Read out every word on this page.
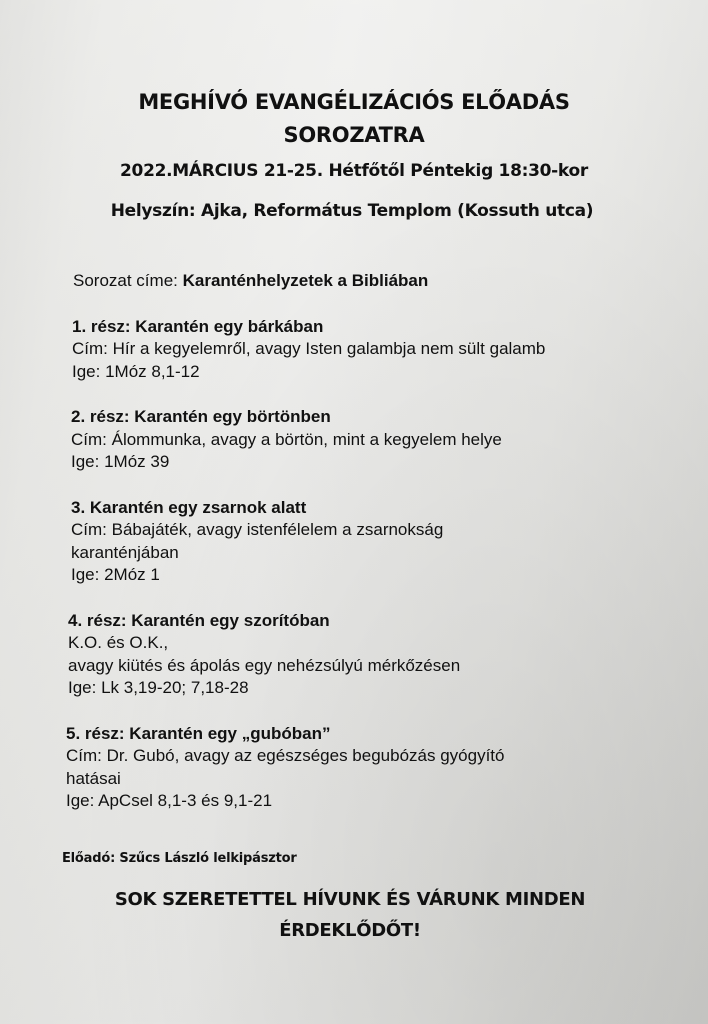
MEGHÍVÓ EVANGÉLIZÁCIÓS ELŐADÁS
SOROZATRA
2022.MÁRCIUS 21-25. Hétfőtől Péntekig 18:30-kor
Helyszín: Ajka, Református Templom (Kossuth utca)
Sorozat címe: Karanténhelyzetek a Bibliában
1. rész: Karantén egy bárkában
Cím: Hír a kegyelemről, avagy Isten galambja nem sült galamb
Ige: 1Móz 8,1-12
2. rész: Karantén egy börtönben
Cím: Álommunka, avagy a börtön, mint a kegyelem helye
Ige: 1Móz 39
3. Karantén egy zsarnok alatt
Cím: Bábajáték, avagy istenfélelem a zsarnokság
karanténjában
Ige: 2Móz 1
4. rész: Karantén egy szorítóban
K.O. és O.K.,
avagy kiütés és ápolás egy nehézsúlyú mérkőzésen
Ige: Lk 3,19-20; 7,18-28
5. rész: Karantén egy „gubóban”
Cím: Dr. Gubó, avagy az egészséges begubózás gyógyító
hatásai
Ige: ApCsel 8,1-3 és 9,1-21
Előadó: Szűcs László lelkipásztor
SOK SZERETETTEL HÍVUNK ÉS VÁRUNK MINDEN
ÉRDEKLŐDŐT!
